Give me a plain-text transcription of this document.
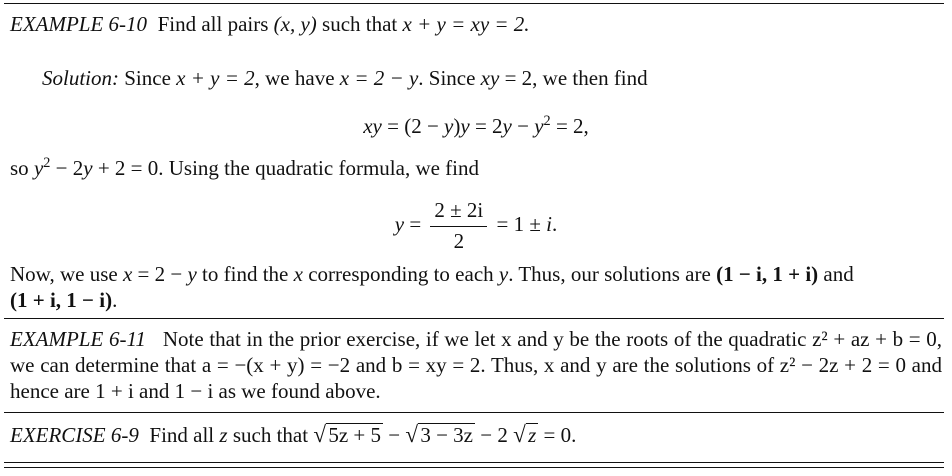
EXAMPLE 6-10 Find all pairs (x, y) such that x + y = xy = 2.
Solution: Since x + y = 2, we have x = 2 − y. Since xy = 2, we then find
xy = $(2 - y)y = 2y - y^2 = 2$,
so $y^2 - 2y + 2 = 0$. Using the quadratic formula, we find
$y = \frac{2 \pm 2i}{2} = 1 \pm i$.
Now, we use x = 2 − y to find the x corresponding to each y. Thus, our solutions are (1 − i, 1 + i) and
(1 + i, 1 − i).
EXAMPLE 6-11 Note that in the prior exercise, if we let x and y be the roots of the quadratic z² + az + b = 0, we can determine that a = −(x + y) = −2 and b = xy = 2. Thus, x and y are the solutions of z² − 2z + 2 = 0 and hence are 1 + i and 1 − i as we found above.
EXERCISE 6-9 Find all z such that √ 5z + 5 − √ 3 − 3z − 2 √ z = 0.
